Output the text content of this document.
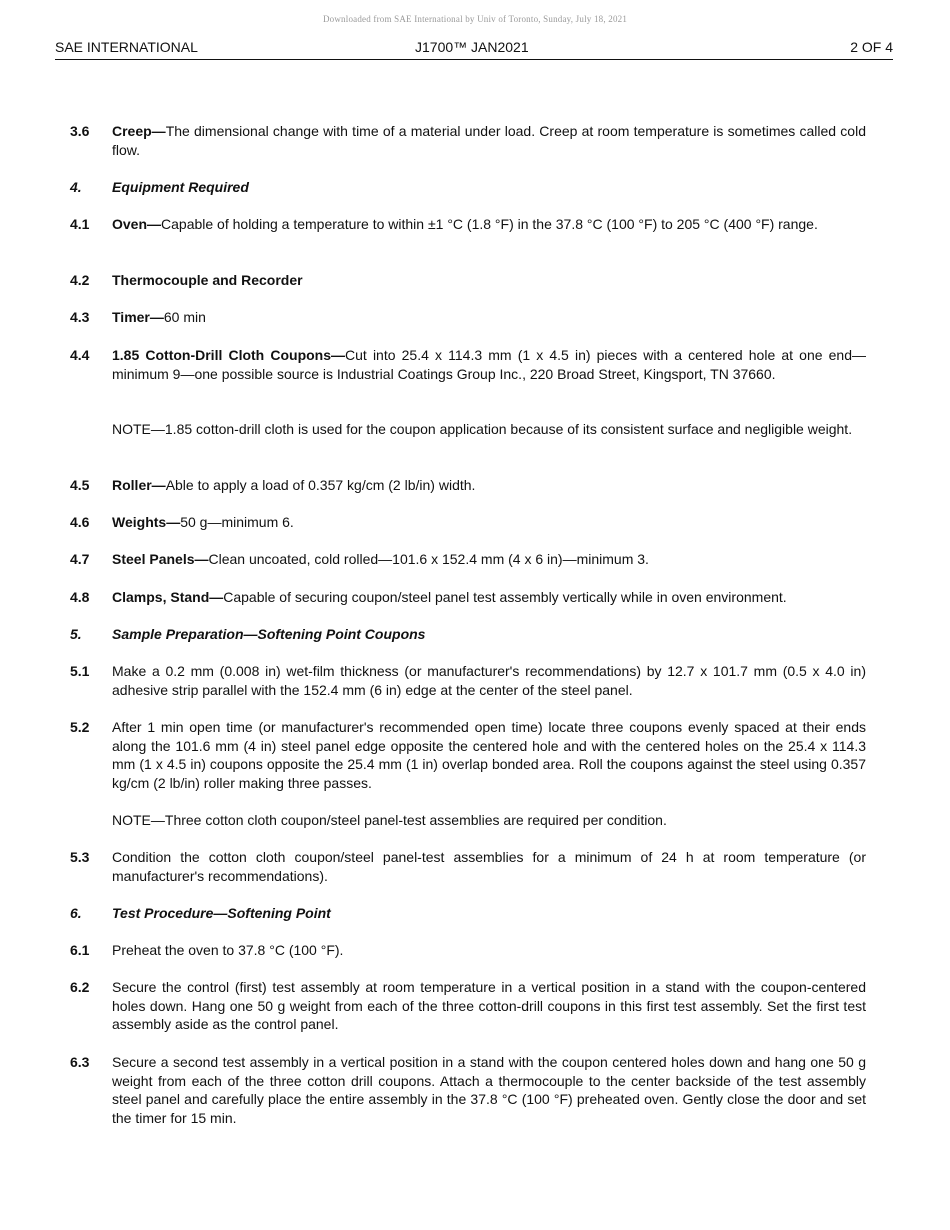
Downloaded from SAE International by Univ of Toronto, Sunday, July 18, 2021
SAE INTERNATIONAL	J1700™ JAN2021	2 OF 4
3.6 Creep—The dimensional change with time of a material under load. Creep at room temperature is sometimes called cold flow.
4. Equipment Required
4.1 Oven—Capable of holding a temperature to within ±1 °C (1.8 °F) in the 37.8 °C (100 °F) to 205 °C (400 °F) range.
4.2 Thermocouple and Recorder
4.3 Timer—60 min
4.4 1.85 Cotton-Drill Cloth Coupons—Cut into 25.4 x 114.3 mm (1 x 4.5 in) pieces with a centered hole at one end—minimum 9—one possible source is Industrial Coatings Group Inc., 220 Broad Street, Kingsport, TN 37660.
NOTE—1.85 cotton-drill cloth is used for the coupon application because of its consistent surface and negligible weight.
4.5 Roller—Able to apply a load of 0.357 kg/cm (2 lb/in) width.
4.6 Weights—50 g—minimum 6.
4.7 Steel Panels—Clean uncoated, cold rolled—101.6 x 152.4 mm (4 x 6 in)—minimum 3.
4.8 Clamps, Stand—Capable of securing coupon/steel panel test assembly vertically while in oven environment.
5. Sample Preparation—Softening Point Coupons
5.1 Make a 0.2 mm (0.008 in) wet-film thickness (or manufacturer's recommendations) by 12.7 x 101.7 mm (0.5 x 4.0 in) adhesive strip parallel with the 152.4 mm (6 in) edge at the center of the steel panel.
5.2 After 1 min open time (or manufacturer's recommended open time) locate three coupons evenly spaced at their ends along the 101.6 mm (4 in) steel panel edge opposite the centered hole and with the centered holes on the 25.4 x 114.3 mm (1 x 4.5 in) coupons opposite the 25.4 mm (1 in) overlap bonded area. Roll the coupons against the steel using 0.357 kg/cm (2 lb/in) roller making three passes.
NOTE—Three cotton cloth coupon/steel panel-test assemblies are required per condition.
5.3 Condition the cotton cloth coupon/steel panel-test assemblies for a minimum of 24 h at room temperature (or manufacturer's recommendations).
6. Test Procedure—Softening Point
6.1 Preheat the oven to 37.8 °C (100 °F).
6.2 Secure the control (first) test assembly at room temperature in a vertical position in a stand with the coupon-centered holes down. Hang one 50 g weight from each of the three cotton-drill coupons in this first test assembly. Set the first test assembly aside as the control panel.
6.3 Secure a second test assembly in a vertical position in a stand with the coupon centered holes down and hang one 50 g weight from each of the three cotton drill coupons. Attach a thermocouple to the center backside of the test assembly steel panel and carefully place the entire assembly in the 37.8 °C (100 °F) preheated oven. Gently close the door and set the timer for 15 min.
